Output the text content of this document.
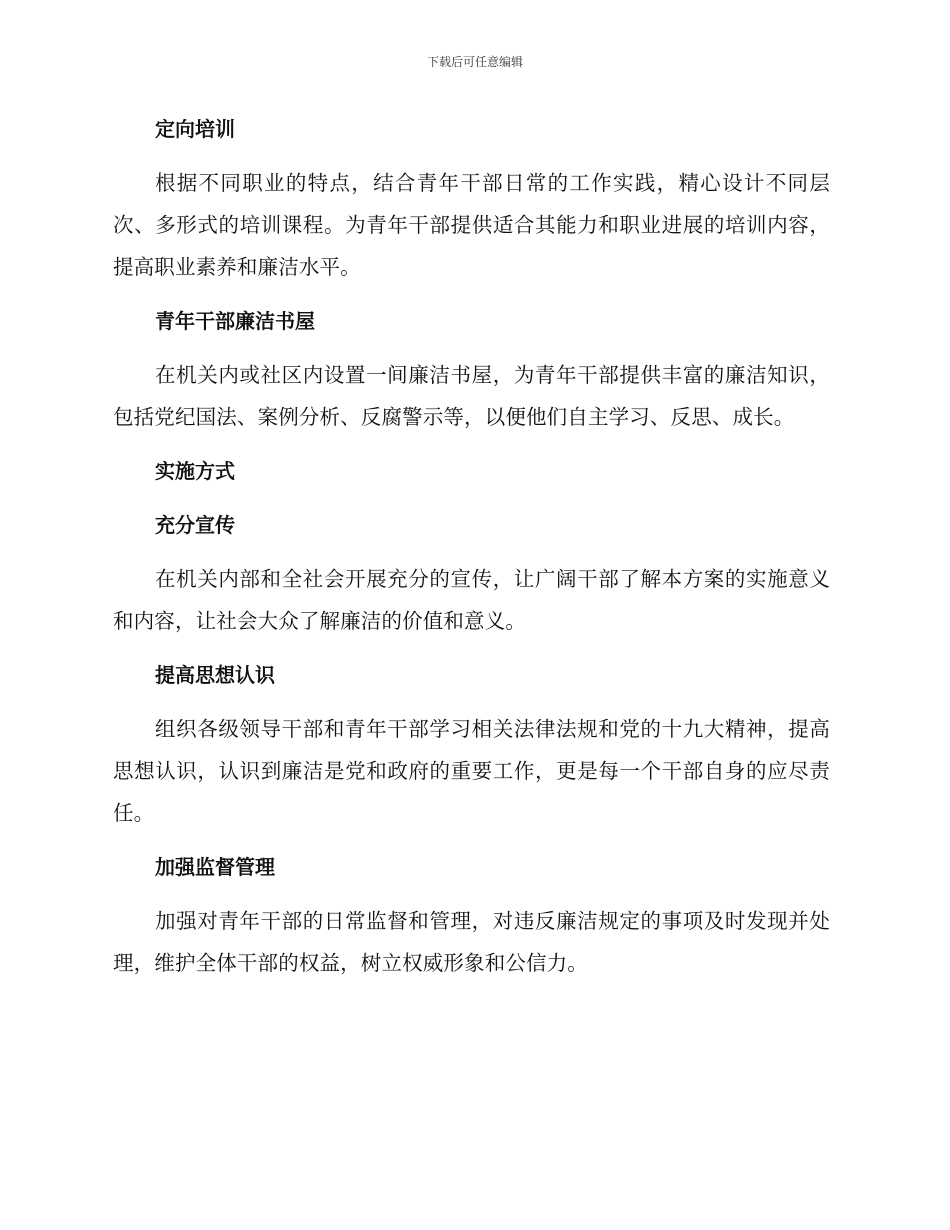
下载后可任意编辑
定向培训

根据不同职业的特点，结合青年干部日常的工作实践，精心设计不同层次、多形式的培训课程。为青年干部提供适合其能力和职业进展的培训内容，提高职业素养和廉洁水平。

青年干部廉洁书屋

在机关内或社区内设置一间廉洁书屋，为青年干部提供丰富的廉洁知识，包括党纪国法、案例分析、反腐警示等，以便他们自主学习、反思、成长。

实施方式
充分宣传

在机关内部和全社会开展充分的宣传，让广阔干部了解本方案的实施意义和内容，让社会大众了解廉洁的价值和意义。

提高思想认识

组织各级领导干部和青年干部学习相关法律法规和党的十九大精神，提高思想认识，认识到廉洁是党和政府的重要工作，更是每一个干部自身的应尽责任。

加强监督管理

加强对青年干部的日常监督和管理，对违反廉洁规定的事项及时发现并处理，维护全体干部的权益，树立权威形象和公信力。
